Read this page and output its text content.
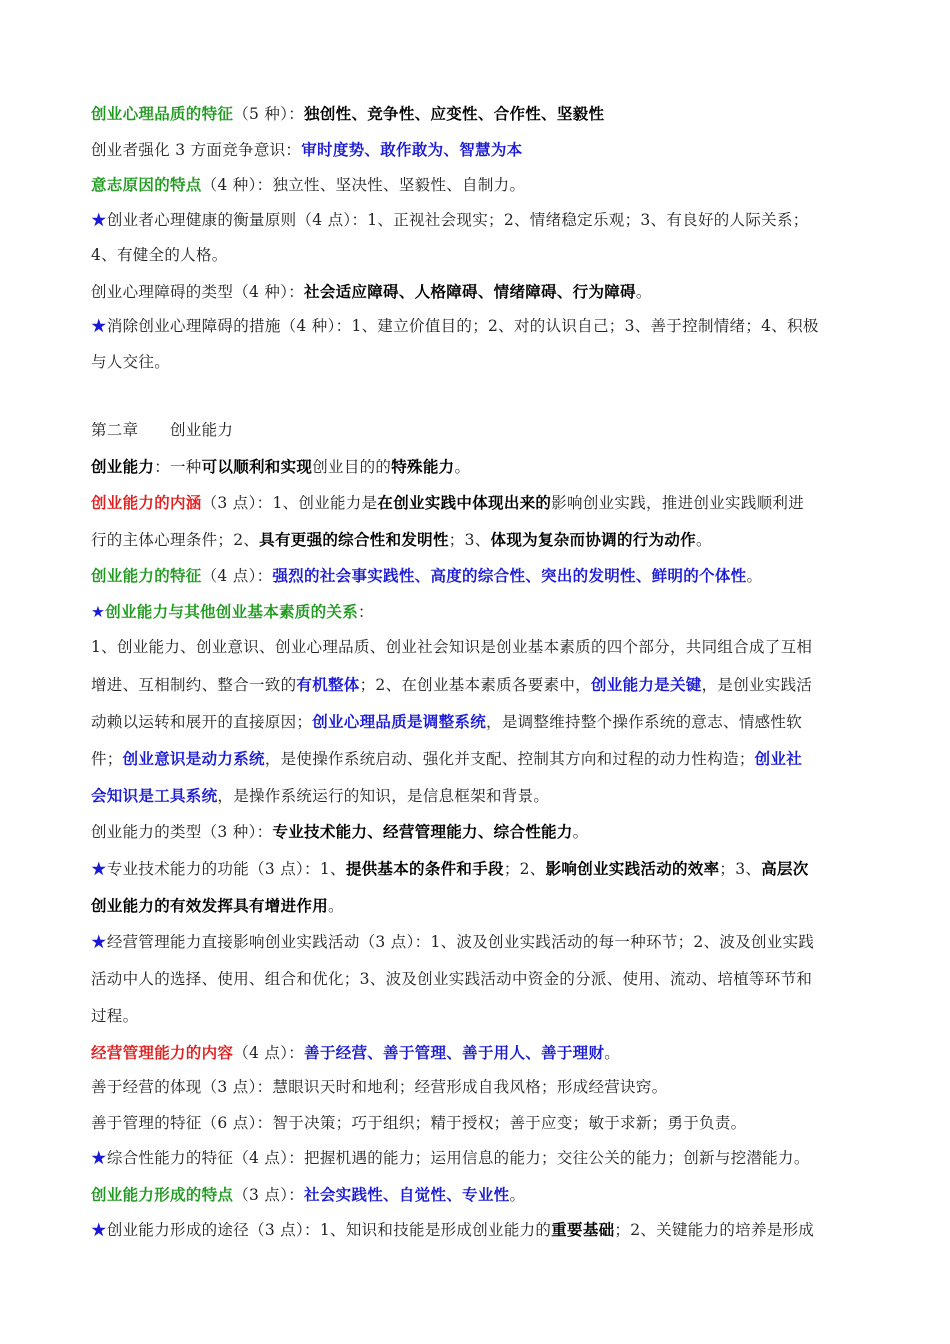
创业心理品质的特征（5 种）：独创性、竞争性、应变性、合作性、坚毅性
创业者强化 3 方面竞争意识：审时度势、敢作敢为、智慧为本
意志原因的特点（4 种）：独立性、坚决性、坚毅性、自制力。
★创业者心理健康的衡量原则（4 点）：1、正视社会现实；2、情绪稳定乐观；3、有良好的人际关系；
4、有健全的人格。
创业心理障碍的类型（4 种）：社会适应障碍、人格障碍、情绪障碍、行为障碍。
★消除创业心理障碍的措施（4 种）：1、建立价值目的；2、对的认识自己；3、善于控制情绪；4、积极
与人交往。
第二章　　创业能力
创业能力：一种可以顺利和实现创业目的的特殊能力。
创业能力的内涵（3 点）：1、创业能力是在创业实践中体现出来的影响创业实践，推进创业实践顺利进
行的主体心理条件；2、具有更强的综合性和发明性；3、体现为复杂而协调的行为动作。
创业能力的特征（4 点）：强烈的社会事实践性、高度的综合性、突出的发明性、鲜明的个体性。
★创业能力与其他创业基本素质的关系：
1、创业能力、创业意识、创业心理品质、创业社会知识是创业基本素质的四个部分，共同组合成了互相
增进、互相制约、整合一致的有机整体；2、在创业基本素质各要素中，创业能力是关键，是创业实践活
动赖以运转和展开的直接原因；创业心理品质是调整系统，是调整维持整个操作系统的意志、情感性软
件；创业意识是动力系统，是使操作系统启动、强化并支配、控制其方向和过程的动力性构造；创业社
会知识是工具系统，是操作系统运行的知识，是信息框架和背景。
创业能力的类型（3 种）：专业技术能力、经营管理能力、综合性能力。
★专业技术能力的功能（3 点）：1、提供基本的条件和手段；2、影响创业实践活动的效率；3、高层次
创业能力的有效发挥具有增进作用。
★经营管理能力直接影响创业实践活动（3 点）：1、波及创业实践活动的每一种环节；2、波及创业实践
活动中人的选择、使用、组合和优化；3、波及创业实践活动中资金的分派、使用、流动、培植等环节和
过程。
经营管理能力的内容（4 点）：善于经营、善于管理、善于用人、善于理财。
善于经营的体现（3 点）：慧眼识天时和地利；经营形成自我风格；形成经营诀窍。
善于管理的特征（6 点）：智于决策；巧于组织；精于授权；善于应变；敏于求新；勇于负责。
★综合性能力的特征（4 点）：把握机遇的能力；运用信息的能力；交往公关的能力；创新与挖潜能力。
创业能力形成的特点（3 点）：社会实践性、自觉性、专业性。
★创业能力形成的途径（3 点）：1、知识和技能是形成创业能力的重要基础；2、关键能力的培养是形成
